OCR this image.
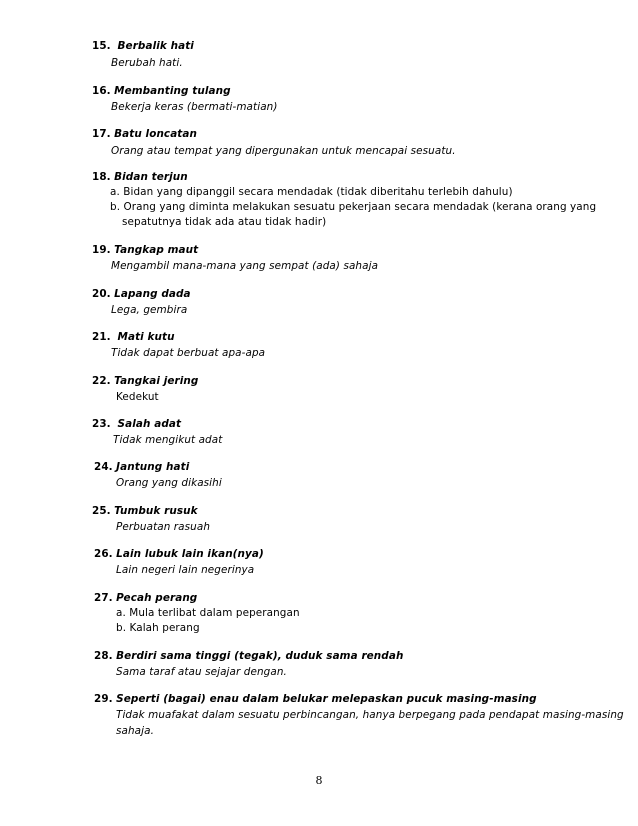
15. Berbalik hati
Berubah hati.
16. Membanting tulang
Bekerja keras (bermati-matian)
17. Batu loncatan
Orang atau tempat yang dipergunakan untuk mencapai sesuatu.
18. Bidan terjun
a. Bidan yang dipanggil secara mendadak (tidak diberitahu terlebih dahulu)
b. Orang yang diminta melakukan sesuatu pekerjaan secara mendadak (kerana orang yang
sepatutnya tidak ada atau tidak hadir)
19. Tangkap maut
Mengambil mana-mana yang sempat (ada) sahaja
20. Lapang dada
Lega, gembira
21. Mati kutu
Tidak dapat berbuat apa-apa
22. Tangkai jering
Kedekut
23. Salah adat
Tidak mengikut adat
24. Jantung hati
Orang yang dikasihi
25. Tumbuk rusuk
Perbuatan rasuah
26. Lain lubuk lain ikan(nya)
Lain negeri lain negerinya
27. Pecah perang
a. Mula terlibat dalam peperangan
b. Kalah perang
28. Berdiri sama tinggi (tegak), duduk sama rendah
Sama taraf atau sejajar dengan.
29. Seperti (bagai) enau dalam belukar melepaskan pucuk masing-masing
Tidak muafakat dalam sesuatu perbincangan, hanya berpegang pada pendapat masing-masing
sahaja.
8
